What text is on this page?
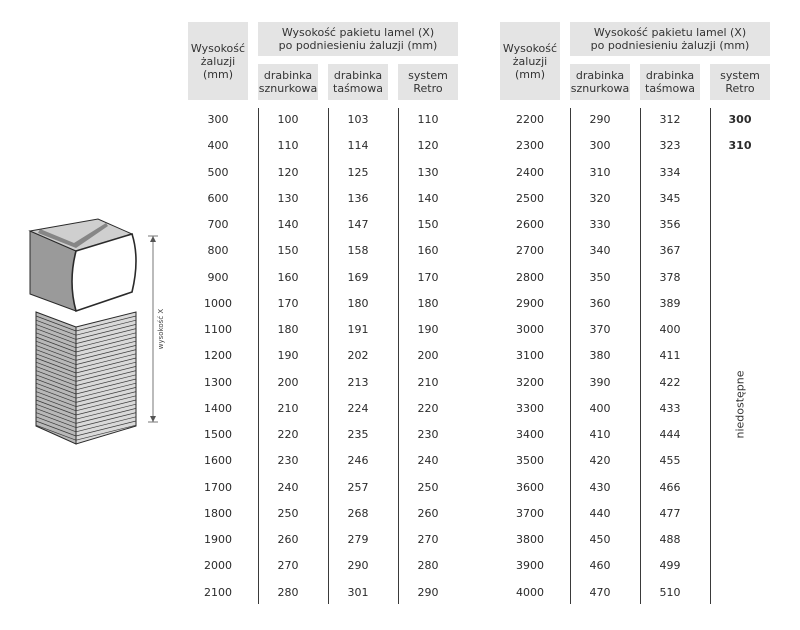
wysokość X
Wysokość
żaluzji
(mm)
Wysokość pakietu lamel (X)
po podniesieniu żaluzji (mm)
drabinka
sznurkowa
drabinka
taśmowa
system
Retro
300	100	103	110
400	110	114	120
500	120	125	130
600	130	136	140
700	140	147	150
800	150	158	160
900	160	169	170
1000	170	180	180
1100	180	191	190
1200	190	202	200
1300	200	213	210
1400	210	224	220
1500	220	235	230
1600	230	246	240
1700	240	257	250
1800	250	268	260
1900	260	279	270
2000	270	290	280
2100	280	301	290
Wysokość
żaluzji
(mm)
Wysokość pakietu lamel (X)
po podniesieniu żaluzji (mm)
drabinka
sznurkowa
drabinka
taśmowa
system
Retro
2200	290	312	300
2300	300	323	310
2400	310	334
2500	320	345
2600	330	356
2700	340	367
2800	350	378
2900	360	389
3000	370	400
3100	380	411
3200	390	422
3300	400	433
3400	410	444
3500	420	455
3600	430	466
3700	440	477
3800	450	488
3900	460	499
4000	470	510
niedostępne
